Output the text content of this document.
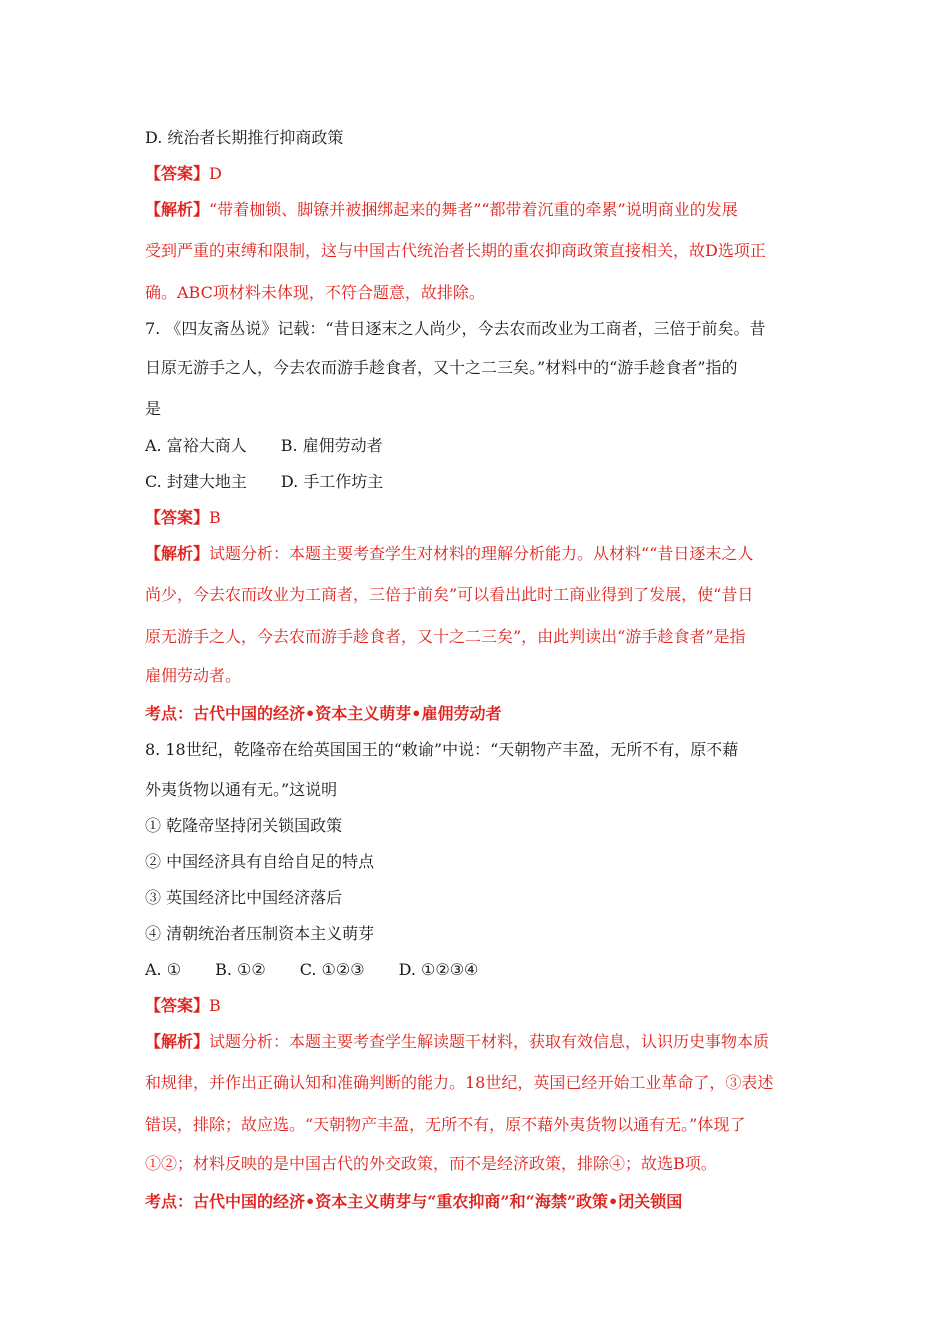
D. 统治者长期推行抑商政策
【答案】D
【解析】“带着枷锁、脚镣并被捆绑起来的舞者”“都带着沉重的牵累”说明商业的发展
受到严重的束缚和限制，这与中国古代统治者长期的重农抑商政策直接相关，故D选项正
确。ABC项材料未体现，不符合题意，故排除。
7. 《四友斋丛说》记载：“昔日逐末之人尚少，今去农而改业为工商者，三倍于前矣。昔
日原无游手之人，今去农而游手趁食者，又十之二三矣。”材料中的“游手趁食者”指的
是
A. 富裕大商人 B. 雇佣劳动者
C. 封建大地主 D. 手工作坊主
【答案】B
【解析】试题分析：本题主要考查学生对材料的理解分析能力。从材料““昔日逐末之人
尚少，今去农而改业为工商者，三倍于前矣”可以看出此时工商业得到了发展，使“昔日
原无游手之人，今去农而游手趁食者，又十之二三矣”，由此判读出“游手趁食者”是指
雇佣劳动者。
考点：古代中国的经济•资本主义萌芽•雇佣劳动者
8. 18世纪，乾隆帝在给英国国王的“敕谕”中说：“天朝物产丰盈，无所不有，原不藉
外夷货物以通有无。”这说明
① 乾隆帝坚持闭关锁国政策
② 中国经济具有自给自足的特点
③ 英国经济比中国经济落后
④ 清朝统治者压制资本主义萌芽
A. ① B. ①② C. ①②③ D. ①②③④
【答案】B
【解析】试题分析：本题主要考查学生解读题干材料，获取有效信息，认识历史事物本质
和规律，并作出正确认知和准确判断的能力。18世纪，英国已经开始工业革命了，③表述
错误，排除；故应选。“天朝物产丰盈，无所不有，原不藉外夷货物以通有无。”体现了
①②；材料反映的是中国古代的外交政策，而不是经济政策，排除④；故选B项。
考点：古代中国的经济•资本主义萌芽与“重农抑商”和“海禁”政策•闭关锁国
